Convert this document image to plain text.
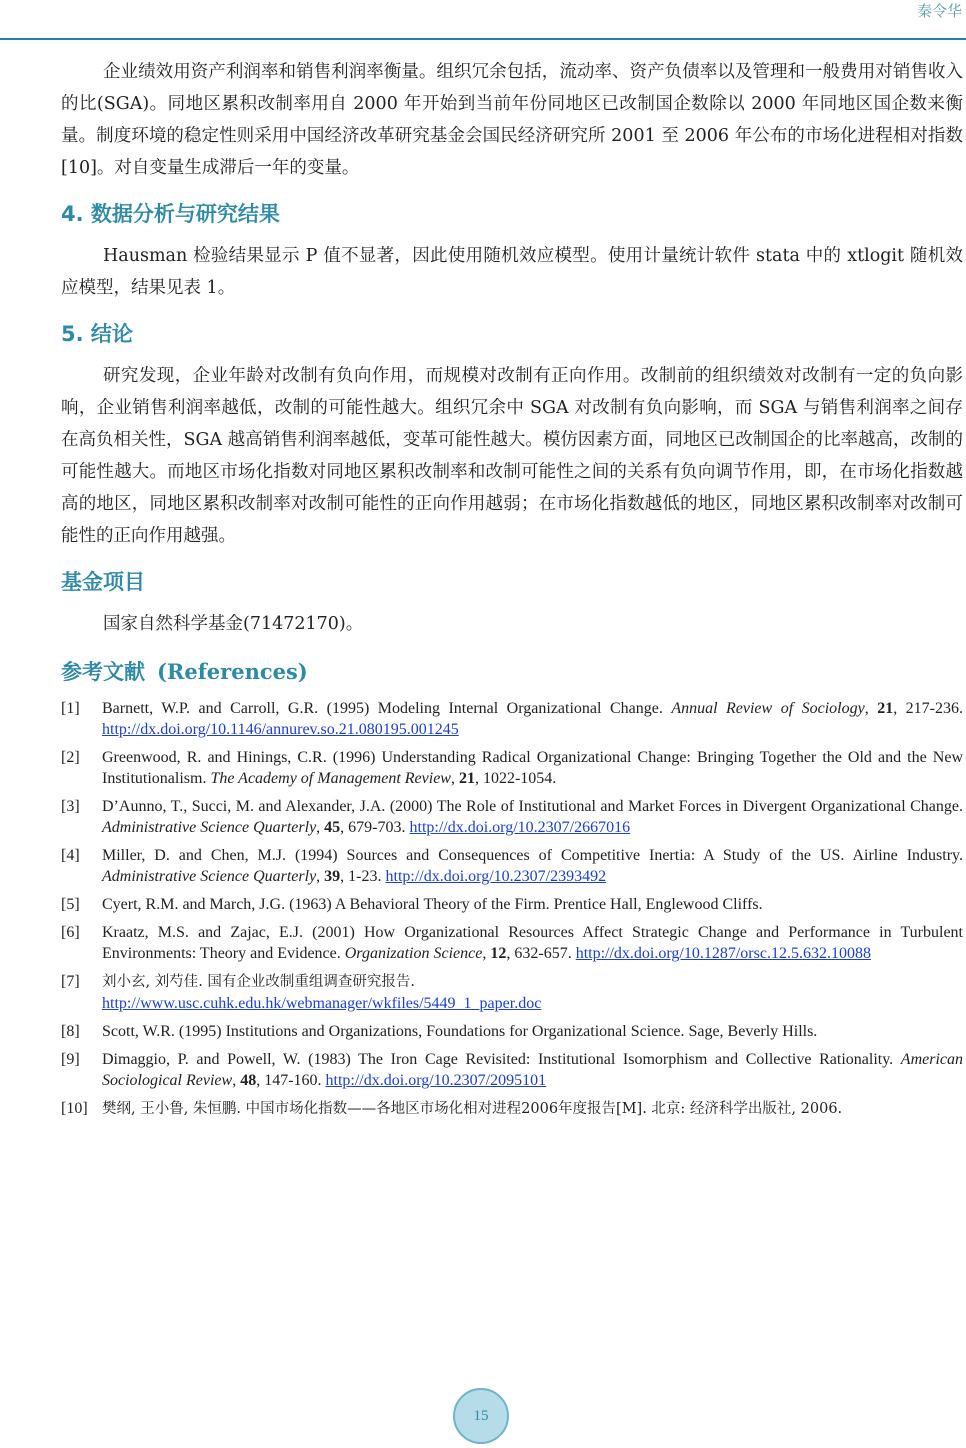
秦令华

企业绩效用资产利润率和销售利润率衡量。组织冗余包括，流动率、资产负债率以及管理和一般费用对销售收入的比(SGA)。同地区累积改制率用自 2000 年开始到当前年份同地区已改制国企数除以 2000 年同地区国企数来衡量。制度环境的稳定性则采用中国经济改革研究基金会国民经济研究所 2001 至 2006 年公布的市场化进程相对指数[10]。对自变量生成滞后一年的变量。

4. 数据分析与研究结果

Hausman 检验结果显示 P 值不显著，因此使用随机效应模型。使用计量统计软件 stata 中的 xtlogit 随机效应模型，结果见表 1。

5. 结论

研究发现，企业年龄对改制有负向作用，而规模对改制有正向作用。改制前的组织绩效对改制有一定的负向影响，企业销售利润率越低，改制的可能性越大。组织冗余中 SGA 对改制有负向影响，而 SGA 与销售利润率之间存在高负相关性，SGA 越高销售利润率越低，变革可能性越大。模仿因素方面，同地区已改制国企的比率越高，改制的可能性越大。而地区市场化指数对同地区累积改制率和改制可能性之间的关系有负向调节作用，即，在市场化指数越高的地区，同地区累积改制率对改制可能性的正向作用越弱；在市场化指数越低的地区，同地区累积改制率对改制可能性的正向作用越强。

基金项目

国家自然科学基金(71472170)。

参考文献 (References)
[1]	Barnett, W.P. and Carroll, G.R. (1995) Modeling Internal Organizational Change. Annual Review of Sociology, 21, 217-236. http://dx.doi.org/10.1146/annurev.so.21.080195.001245
[2]	Greenwood, R. and Hinings, C.R. (1996) Understanding Radical Organizational Change: Bringing Together the Old and the New Institutionalism. The Academy of Management Review, 21, 1022-1054.
[3]	D’Aunno, T., Succi, M. and Alexander, J.A. (2000) The Role of Institutional and Market Forces in Divergent Organizational Change. Administrative Science Quarterly, 45, 679-703. http://dx.doi.org/10.2307/2667016
[4]	Miller, D. and Chen, M.J. (1994) Sources and Consequences of Competitive Inertia: A Study of the US. Airline Industry. Administrative Science Quarterly, 39, 1-23. http://dx.doi.org/10.2307/2393492
[5]	Cyert, R.M. and March, J.G. (1963) A Behavioral Theory of the Firm. Prentice Hall, Englewood Cliffs.
[6]	Kraatz, M.S. and Zajac, E.J. (2001) How Organizational Resources Affect Strategic Change and Performance in Turbulent Environments: Theory and Evidence. Organization Science, 12, 632-657. http://dx.doi.org/10.1287/orsc.12.5.632.10088
[7]	刘小玄, 刘芍佳. 国有企业改制重组调查研究报告.
http://www.usc.cuhk.edu.hk/webmanager/wkfiles/5449_1_paper.doc
[8]	Scott, W.R. (1995) Institutions and Organizations, Foundations for Organizational Science. Sage, Beverly Hills.
[9]	Dimaggio, P. and Powell, W. (1983) The Iron Cage Revisited: Institutional Isomorphism and Collective Rationality. American Sociological Review, 48, 147-160. http://dx.doi.org/10.2307/2095101
[10] 樊纲, 王小鲁, 朱恒鹏. 中国市场化指数——各地区市场化相对进程2006年度报告[M]. 北京: 经济科学出版社, 2006.
15
